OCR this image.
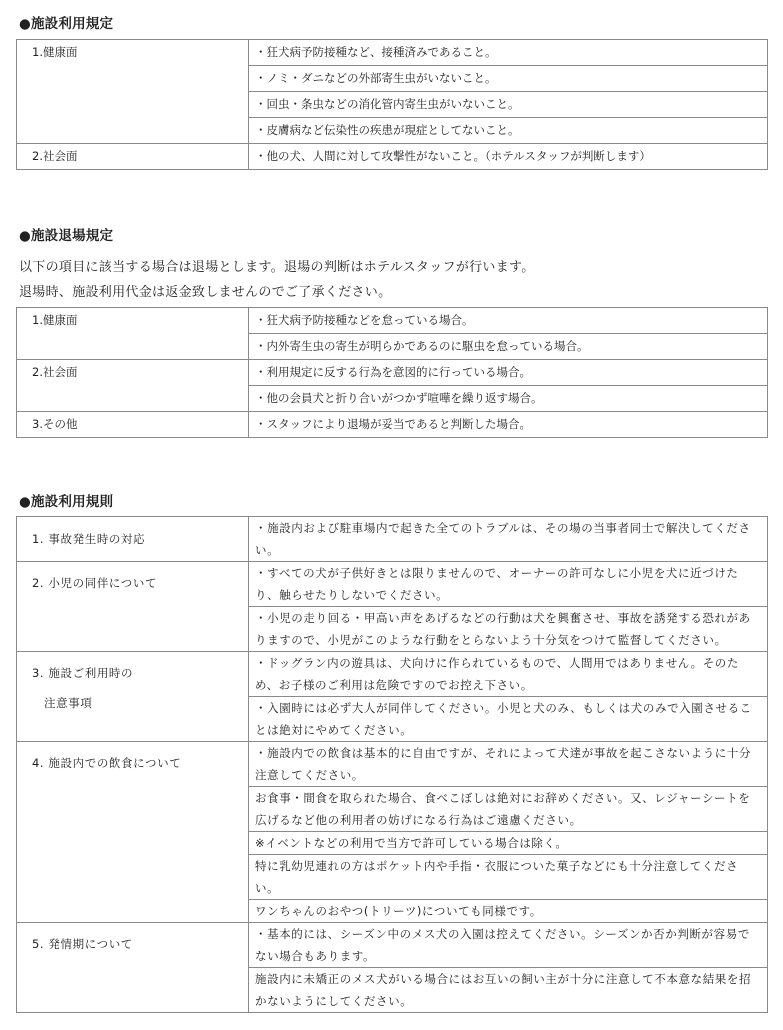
●施設利用規定
1.健康面	・狂犬病予防接種など、接種済みであること。
	・ノミ・ダニなどの外部寄生虫がいないこと。
	・回虫・条虫などの消化管内寄生虫がいないこと。
	・皮膚病など伝染性の疾患が現症としてないこと。
2.社会面	・他の犬、人間に対して攻撃性がないこと。（ホテルスタッフが判断します）
●施設退場規定
以下の項目に該当する場合は退場とします。退場の判断はホテルスタッフが行います。
退場時、施設利用代金は返金致しませんのでご了承ください。
1.健康面	・狂犬病予防接種などを怠っている場合。
	・内外寄生虫の寄生が明らかであるのに駆虫を怠っている場合。
2.社会面	・利用規定に反する行為を意図的に行っている場合。
	・他の会員犬と折り合いがつかず喧嘩を繰り返す場合。
3.その他	・スタッフにより退場が妥当であると判断した場合。
●施設利用規則
1. 事故発生時の対応	・施設内および駐車場内で起きた全てのトラブルは、その場の当事者同士で解決してください。
2. 小児の同伴について	・すべての犬が子供好きとは限りませんので、オーナーの許可なしに小児を犬に近づけたり、触らせたりしないでください。
	・小児の走り回る・甲高い声をあげるなどの行動は犬を興奮させ、事故を誘発する恐れがありますので、小児がこのような行動をとらないよう十分気をつけて監督してください。

3. 施設ご利用時の
注意事項	・ドッグラン内の遊具は、犬向けに作られているもので、人間用ではありません。そのため、お子様のご利用は危険ですのでお控え下さい。
	・入園時には必ず大人が同伴してください。小児と犬のみ、もしくは犬のみで入園させることは絶対にやめてください。
4. 施設内での飲食について	・施設内での飲食は基本的に自由ですが、それによって犬達が事故を起こさないように十分注意してください。
	お食事・間食を取られた場合、食べこぼしは絶対にお辞めください。又、レジャーシートを広げるなど他の利用者の妨げになる行為はご遠慮ください。
	※イベントなどの利用で当方で許可している場合は除く。
	特に乳幼児連れの方はポケット内や手指・衣服についた菓子などにも十分注意してください。
	ワンちゃんのおやつ(トリーツ)についても同様です。
5. 発情期について	・基本的には、シーズン中のメス犬の入園は控えてください。シーズンか否か判断が容易でない場合もあります。
	施設内に未矯正のメス犬がいる場合にはお互いの飼い主が十分に注意して不本意な結果を招かないようにしてください。
